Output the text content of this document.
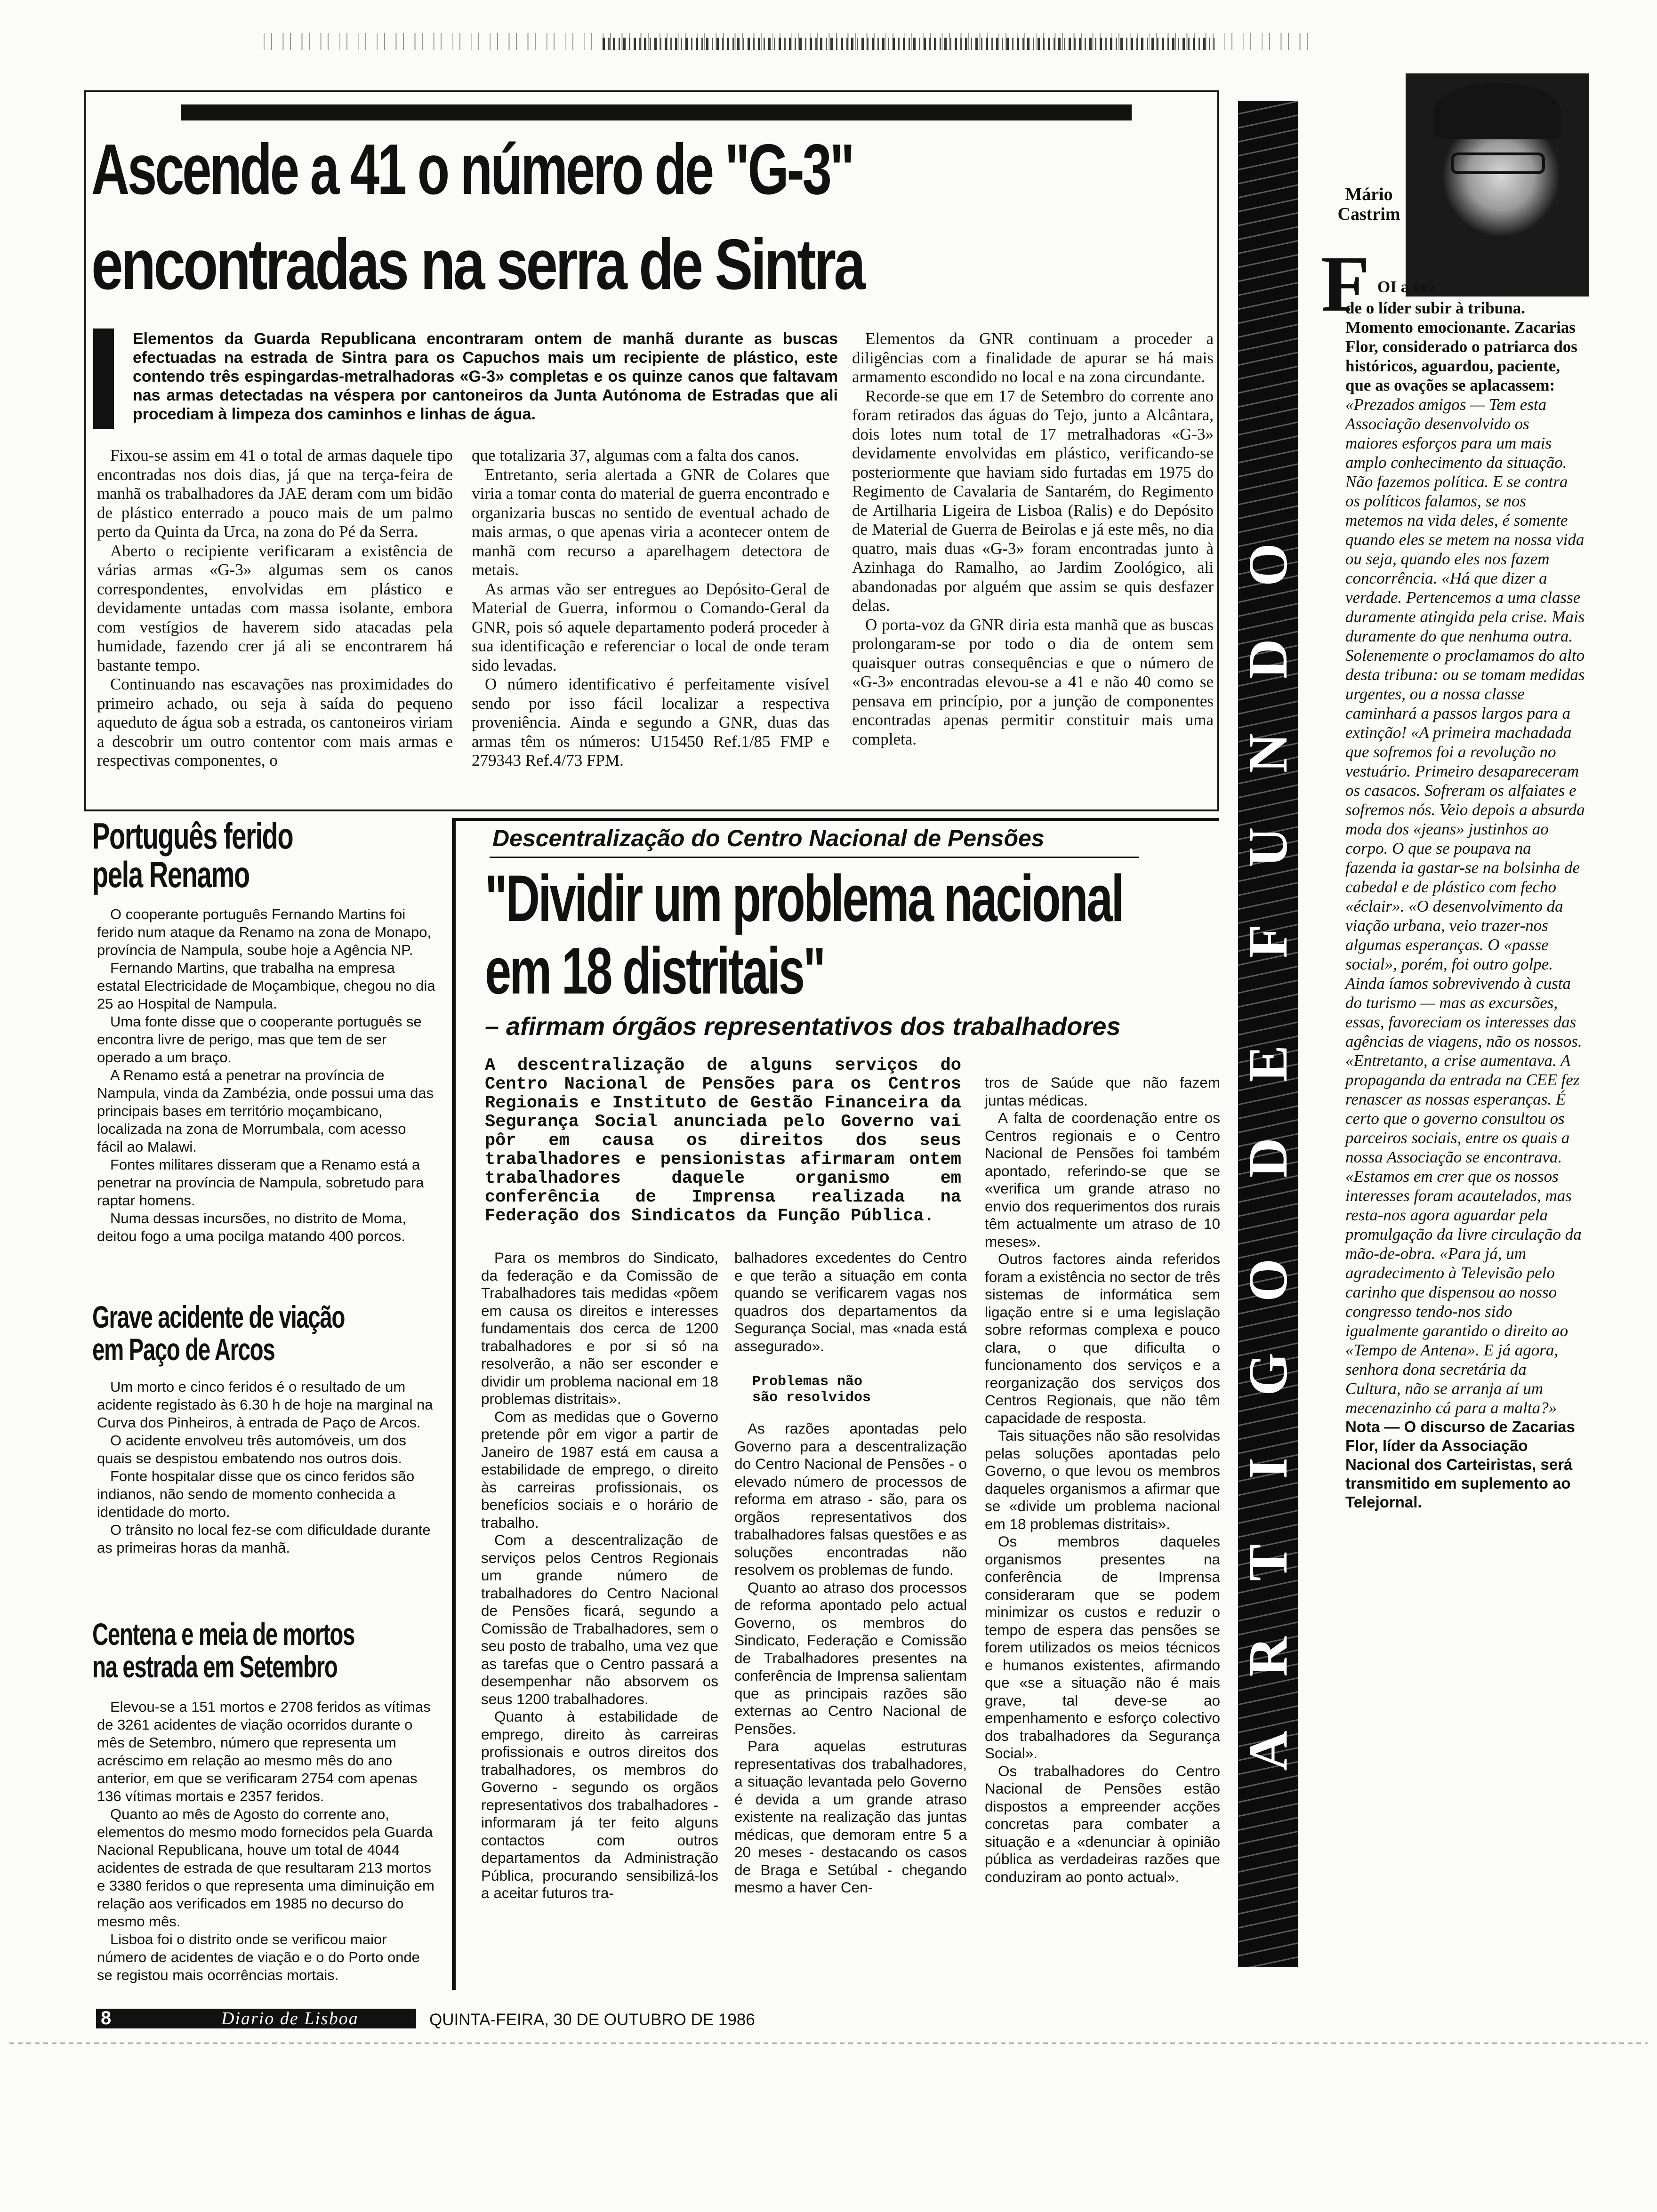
Ascende a 41 o número de "G-3"
encontradas na serra de Sintra

Elementos da Guarda Republicana encontraram ontem de manhã durante as buscas efectuadas na estrada de Sintra para os Capuchos mais um recipiente de plástico, este contendo três espingardas-metralhadoras «G-3» completas e os quinze canos que faltavam nas armas detectadas na véspera por cantoneiros da Junta Autónoma de Estradas que ali procediam à limpeza dos caminhos e linhas de água.

Fixou-se assim em 41 o total de armas daquele tipo encontradas nos dois dias, já que na terça-feira de manhã os trabalhadores da JAE deram com um bidão de plástico enterrado a pouco mais de um palmo perto da Quinta da Urca, na zona do Pé da Serra.

Aberto o recipiente verificaram a existência de várias armas «G-3» algumas sem os canos correspondentes, envolvidas em plástico e devidamente untadas com massa isolante, embora com vestígios de haverem sido atacadas pela humidade, fazendo crer já ali se encontrarem há bastante tempo.

Continuando nas escavações nas proximidades do primeiro achado, ou seja à saída do pequeno aqueduto de água sob a estrada, os cantoneiros viriam a descobrir um outro contentor com mais armas e respectivas componentes, o

que totalizaria 37, algumas com a falta dos canos.

Entretanto, seria alertada a GNR de Colares que viria a tomar conta do material de guerra encontrado e organizaria buscas no sentido de eventual achado de mais armas, o que apenas viria a acontecer ontem de manhã com recurso a aparelhagem detectora de metais.

As armas vão ser entregues ao Depósito-Geral de Material de Guerra, informou o Comando-Geral da GNR, pois só aquele departamento poderá proceder à sua identificação e referenciar o local de onde teram sido levadas.

O número identificativo é perfeitamente visível sendo por isso fácil localizar a respectiva proveniência. Ainda e segundo a GNR, duas das armas têm os números: U15450 Ref.1/85 FMP e 279343 Ref.4/73 FPM.

Elementos da GNR continuam a proceder a diligências com a finalidade de apurar se há mais armamento escondido no local e na zona circundante.

Recorde-se que em 17 de Setembro do corrente ano foram retirados das águas do Tejo, junto a Alcântara, dois lotes num total de 17 metralhadoras «G-3» devidamente envolvidas em plástico, verificando-se posteriormente que haviam sido furtadas em 1975 do Regimento de Cavalaria de Santarém, do Regimento de Artilharia Ligeira de Lisboa (Ralis) e do Depósito de Material de Guerra de Beirolas e já este mês, no dia quatro, mais duas «G-3» foram encontradas junto à Azinhaga do Ramalho, ao Jardim Zoológico, ali abandonadas por alguém que assim se quis desfazer delas.

O porta-voz da GNR diria esta manhã que as buscas prolongaram-se por todo o dia de ontem sem quaisquer outras consequências e que o número de «G-3» encontradas elevou-se a 41 e não 40 como se pensava em princípio, por a junção de componentes encontradas apenas permitir constituir mais uma completa.

Português ferido
pela Renamo

O cooperante português Fernando Martins foi ferido num ataque da Renamo na zona de Monapo, província de Nampula, soube hoje a Agência NP.

Fernando Martins, que trabalha na empresa estatal Electricidade de Moçambique, chegou no dia 25 ao Hospital de Nampula.

Uma fonte disse que o cooperante português se encontra livre de perigo, mas que tem de ser operado a um braço.

A Renamo está a penetrar na província de Nampula, vinda da Zambézia, onde possui uma das principais bases em território moçambicano, localizada na zona de Morrumbala, com acesso fácil ao Malawi.

Fontes militares disseram que a Renamo está a penetrar na província de Nampula, sobretudo para raptar homens.

Numa dessas incursões, no distrito de Moma, deitou fogo a uma pocilga matando 400 porcos.

Grave acidente de viação
em Paço de Arcos

Um morto e cinco feridos é o resultado de um acidente registado às 6.30 h de hoje na marginal na Curva dos Pinheiros, à entrada de Paço de Arcos.

O acidente envolveu três automóveis, um dos quais se despistou embatendo nos outros dois.

Fonte hospitalar disse que os cinco feridos são indianos, não sendo de momento conhecida a identidade do morto.

O trânsito no local fez-se com dificuldade durante as primeiras horas da manhã.

Centena e meia de mortos
na estrada em Setembro

Elevou-se a 151 mortos e 2708 feridos as vítimas de 3261 acidentes de viação ocorridos durante o mês de Setembro, número que representa um acréscimo em relação ao mesmo mês do ano anterior, em que se verificaram 2754 com apenas 136 vítimas mortais e 2357 feridos.

Quanto ao mês de Agosto do corrente ano, elementos do mesmo modo fornecidos pela Guarda Nacional Republicana, houve um total de 4044 acidentes de estrada de que resultaram 213 mortos e 3380 feridos o que representa uma diminuição em relação aos verificados em 1985 no decurso do mesmo mês.

Lisboa foi o distrito onde se verificou maior número de acidentes de viação e o do Porto onde se registou mais ocorrências mortais.

Descentralização do Centro Nacional de Pensões
"Dividir um problema nacional
em 18 distritais"
– afirmam órgãos representativos dos trabalhadores
A descentralização de alguns serviços do Centro Nacional de Pensões para os Centros Regionais e Instituto de Gestão Financeira da Segurança Social anunciada pelo Governo vai pôr em causa os direitos dos seus trabalhadores e pensionistas afirmaram ontem trabalhadores daquele organismo em conferência de Imprensa realizada na Federação dos Sindicatos da Função Pública.

Para os membros do Sindicato, da federação e da Comissão de Trabalhadores tais medidas «põem em causa os direitos e interesses fundamentais dos cerca de 1200 trabalhadores e por si só na resolverão, a não ser esconder e dividir um problema nacional em 18 problemas distritais».

Com as medidas que o Governo pretende pôr em vigor a partir de Janeiro de 1987 está em causa a estabilidade de emprego, o direito às carreiras profissionais, os benefícios sociais e o horário de trabalho.

Com a descentralização de serviços pelos Centros Regionais um grande número de trabalhadores do Centro Nacional de Pensões ficará, segundo a Comissão de Trabalhadores, sem o seu posto de trabalho, uma vez que as tarefas que o Centro passará a desempenhar não absorvem os seus 1200 trabalhadores.

Quanto à estabilidade de emprego, direito às carreiras profissionais e outros direitos dos trabalhadores, os membros do Governo - segundo os orgãos representativos dos trabalhadores - informaram já ter feito alguns contactos com outros departamentos da Administração Pública, procurando sensibilizá-los a aceitar futuros tra-

balhadores excedentes do Centro e que terão a situação em conta quando se verificarem vagas nos quadros dos departamentos da Segurança Social, mas «nada está assegurado».

Problemas não
são resolvidos

As razões apontadas pelo Governo para a descentralização do Centro Nacional de Pensões - o elevado número de processos de reforma em atraso - são, para os orgãos representativos dos trabalhadores falsas questões e as soluções encontradas não resolvem os problemas de fundo.

Quanto ao atraso dos processos de reforma apontado pelo actual Governo, os membros do Sindicato, Federação e Comissão de Trabalhadores presentes na conferência de Imprensa salientam que as principais razões são externas ao Centro Nacional de Pensões.

Para aquelas estruturas representativas dos trabalhadores, a situação levantada pelo Governo é devida a um grande atraso existente na realização das juntas médicas, que demoram entre 5 a 20 meses - destacando os casos de Braga e Setúbal - chegando mesmo a haver Cen-

tros de Saúde que não fazem juntas médicas.

A falta de coordenação entre os Centros regionais e o Centro Nacional de Pensões foi também apontado, referindo-se que se «verifica um grande atraso no envio dos requerimentos dos rurais têm actualmente um atraso de 10 meses».

Outros factores ainda referidos foram a existência no sector de três sistemas de informática sem ligação entre si e uma legislação sobre reformas complexa e pouco clara, o que dificulta o funcionamento dos serviços e a reorganização dos serviços dos Centros Regionais, que não têm capacidade de resposta.

Tais situações não são resolvidas pelas soluções apontadas pelo Governo, o que levou os membros daqueles organismos a afirmar que se «divide um problema nacional em 18 problemas distritais».

Os membros daqueles organismos presentes na conferência de Imprensa consideraram que se podem minimizar os custos e reduzir o tempo de espera das pensões se forem utilizados os meios técnicos e humanos existentes, afirmando que «se a situação não é mais grave, tal deve-se ao empenhamento e esforço colectivo dos trabalhadores da Segurança Social».

Os trabalhadores do Centro Nacional de Pensões estão dispostos a empreender acções concretas para combater a situação e a «denunciar à opinião pública as verdadeiras razões que conduziram ao ponto actual».

A
R
T
I
G
O
D
E
F
U
N
D
O
Mário
Castrim
F OI a vez
de o líder subir à tribuna. Momento emocionante. Zacarias Flor, considerado o patriarca dos históricos, aguardou, paciente, que as ovações se aplacassem:
«Prezados amigos — Tem esta Associação desenvolvido os maiores esforços para um mais amplo conhecimento da situação. Não fazemos política. E se contra os políticos falamos, se nos metemos na vida deles, é somente quando eles se metem na nossa vida ou seja, quando eles nos fazem concorrência. «Há que dizer a verdade. Pertencemos a uma classe duramente atingida pela crise. Mais duramente do que nenhuma outra. Solenemente o proclamamos do alto desta tribuna: ou se tomam medidas urgentes, ou a nossa classe caminhará a passos largos para a extinção! «A primeira machadada que sofremos foi a revolução no vestuário. Primeiro desapareceram os casacos. Sofreram os alfaiates e sofremos nós. Veio depois a absurda moda dos «jeans» justinhos ao corpo. O que se poupava na fazenda ia gastar-se na bolsinha de cabedal e de plástico com fecho «éclair». «O desenvolvimento da viação urbana, veio trazer-nos algumas esperanças. O «passe social», porém, foi outro golpe. Ainda íamos sobrevivendo à custa do turismo — mas as excursões, essas, favoreciam os interesses das agências de viagens, não os nossos. «Entretanto, a crise aumentava. A propaganda da entrada na CEE fez renascer as nossas esperanças. É certo que o governo consultou os parceiros sociais, entre os quais a nossa Associação se encontrava. «Estamos em crer que os nossos interesses foram acautelados, mas resta-nos agora aguardar pela promulgação da livre circulação da mão-de-obra. «Para já, um agradecimento à Televisão pelo carinho que dispensou ao nosso congresso tendo-nos sido igualmente garantido o direito ao «Tempo de Antena». E já agora, senhora dona secretária da Cultura, não se arranja aí um mecenazinho cá para a malta?»
Nota — O discurso de Zacarias Flor, líder da Associação Nacional dos Carteiristas, será transmitido em suplemento ao Telejornal.
8	Diario de Lisboa	QUINTA-FEIRA, 30 DE OUTUBRO DE 1986
